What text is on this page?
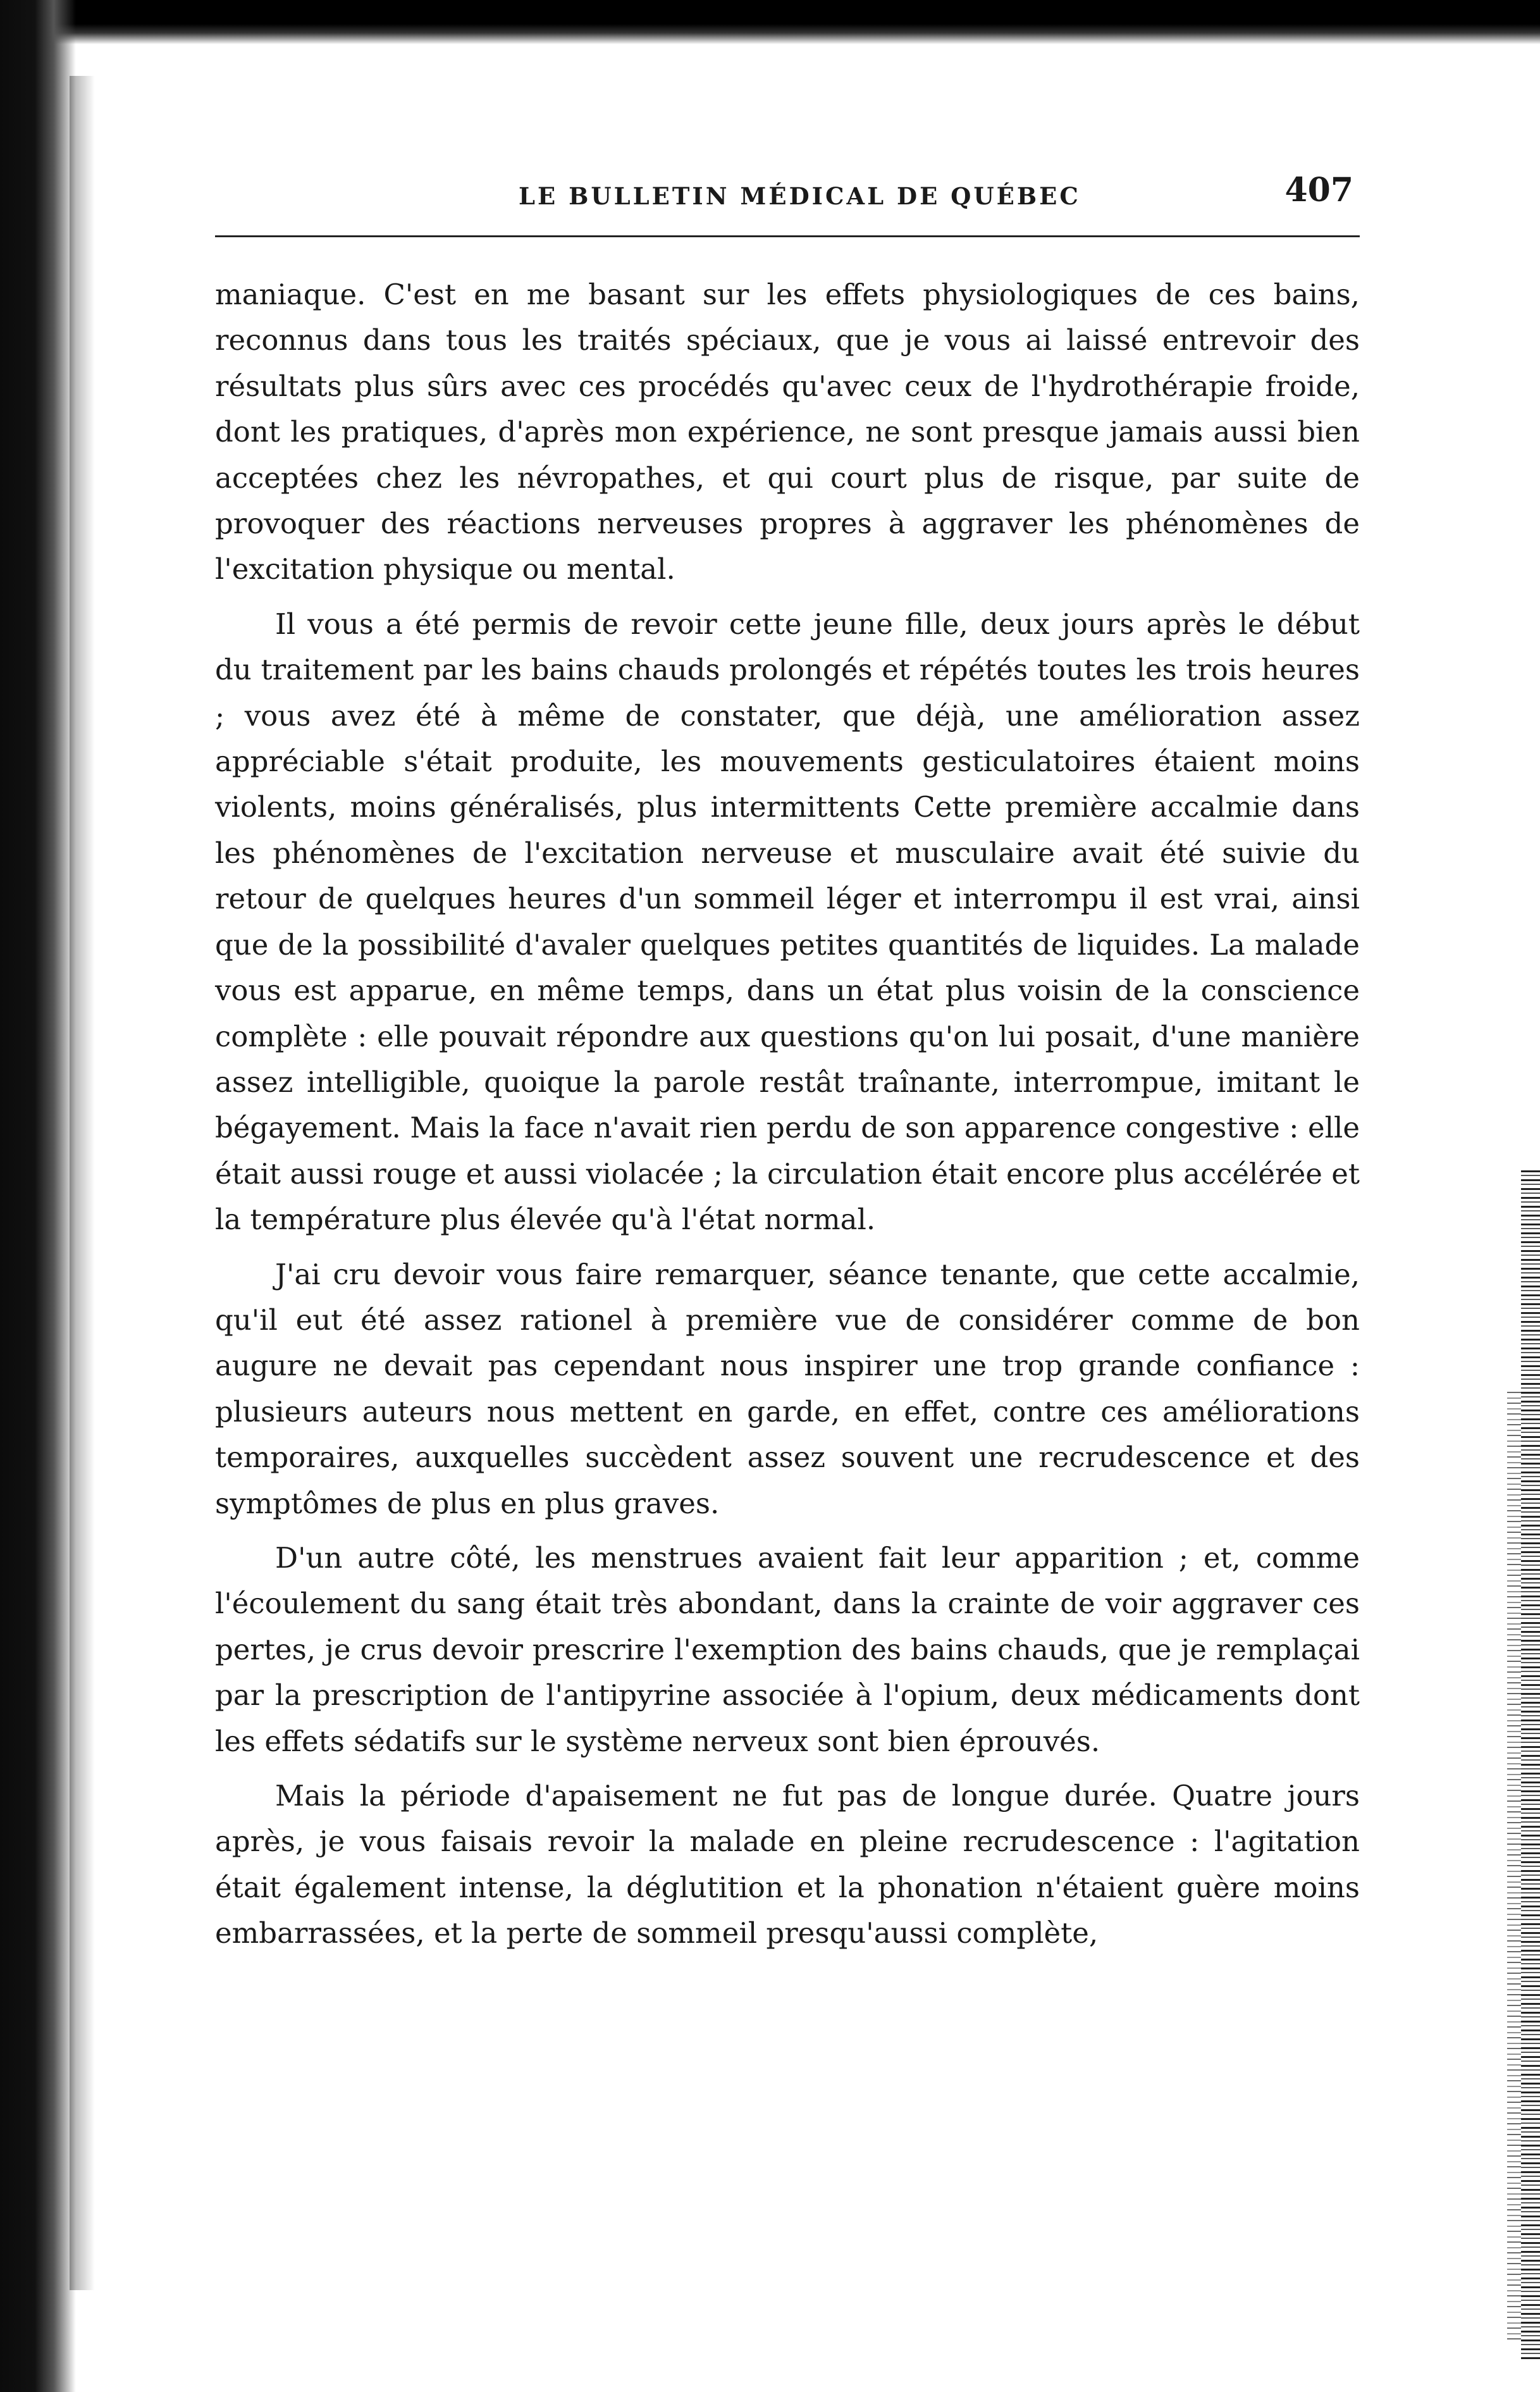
LE BULLETIN MÉDICAL DE QUÉBEC	407

maniaque. C'est en me basant sur les effets physiologiques de ces bains, reconnus dans tous les traités spéciaux, que je vous ai laissé entrevoir des résultats plus sûrs avec ces procédés qu'avec ceux de l'hydrothérapie froide, dont les pratiques, d'après mon expérience, ne sont presque jamais aussi bien acceptées chez les névropathes, et qui court plus de risque, par suite de provoquer des réactions nerveuses propres à aggraver les phénomènes de l'excitation physique ou mental.

Il vous a été permis de revoir cette jeune fille, deux jours après le début du traitement par les bains chauds prolongés et répétés toutes les trois heures ; vous avez été à même de constater, que déjà, une amélioration assez appréciable s'était produite, les mouvements gesticulatoires étaient moins violents, moins généralisés, plus intermittents Cette première accalmie dans les phénomènes de l'excitation nerveuse et musculaire avait été suivie du retour de quelques heures d'un sommeil léger et interrompu il est vrai, ainsi que de la possibilité d'avaler quelques petites quantités de liquides. La malade vous est apparue, en même temps, dans un état plus voisin de la conscience complète : elle pouvait répondre aux questions qu'on lui posait, d'une manière assez intelligible, quoique la parole restât traînante, interrompue, imitant le bégayement. Mais la face n'avait rien perdu de son apparence congestive : elle était aussi rouge et aussi violacée ; la circulation était encore plus accélérée et la température plus élevée qu'à l'état normal.

J'ai cru devoir vous faire remarquer, séance tenante, que cette accalmie, qu'il eut été assez rationel à première vue de considérer comme de bon augure ne devait pas cependant nous inspirer une trop grande confiance : plusieurs auteurs nous mettent en garde, en effet, contre ces améliorations temporaires, auxquelles succèdent assez souvent une recrudescence et des symptômes de plus en plus graves.

D'un autre côté, les menstrues avaient fait leur apparition ; et, comme l'écoulement du sang était très abondant, dans la crainte de voir aggraver ces pertes, je crus devoir prescrire l'exemption des bains chauds, que je remplaçai par la prescription de l'antipyrine associée à l'opium, deux médicaments dont les effets sédatifs sur le système nerveux sont bien éprouvés.

Mais la période d'apaisement ne fut pas de longue durée. Quatre jours après, je vous faisais revoir la malade en pleine recrudescence : l'agitation était également intense, la déglutition et la phonation n'étaient guère moins embarrassées, et la perte de sommeil presqu'aussi complète,
